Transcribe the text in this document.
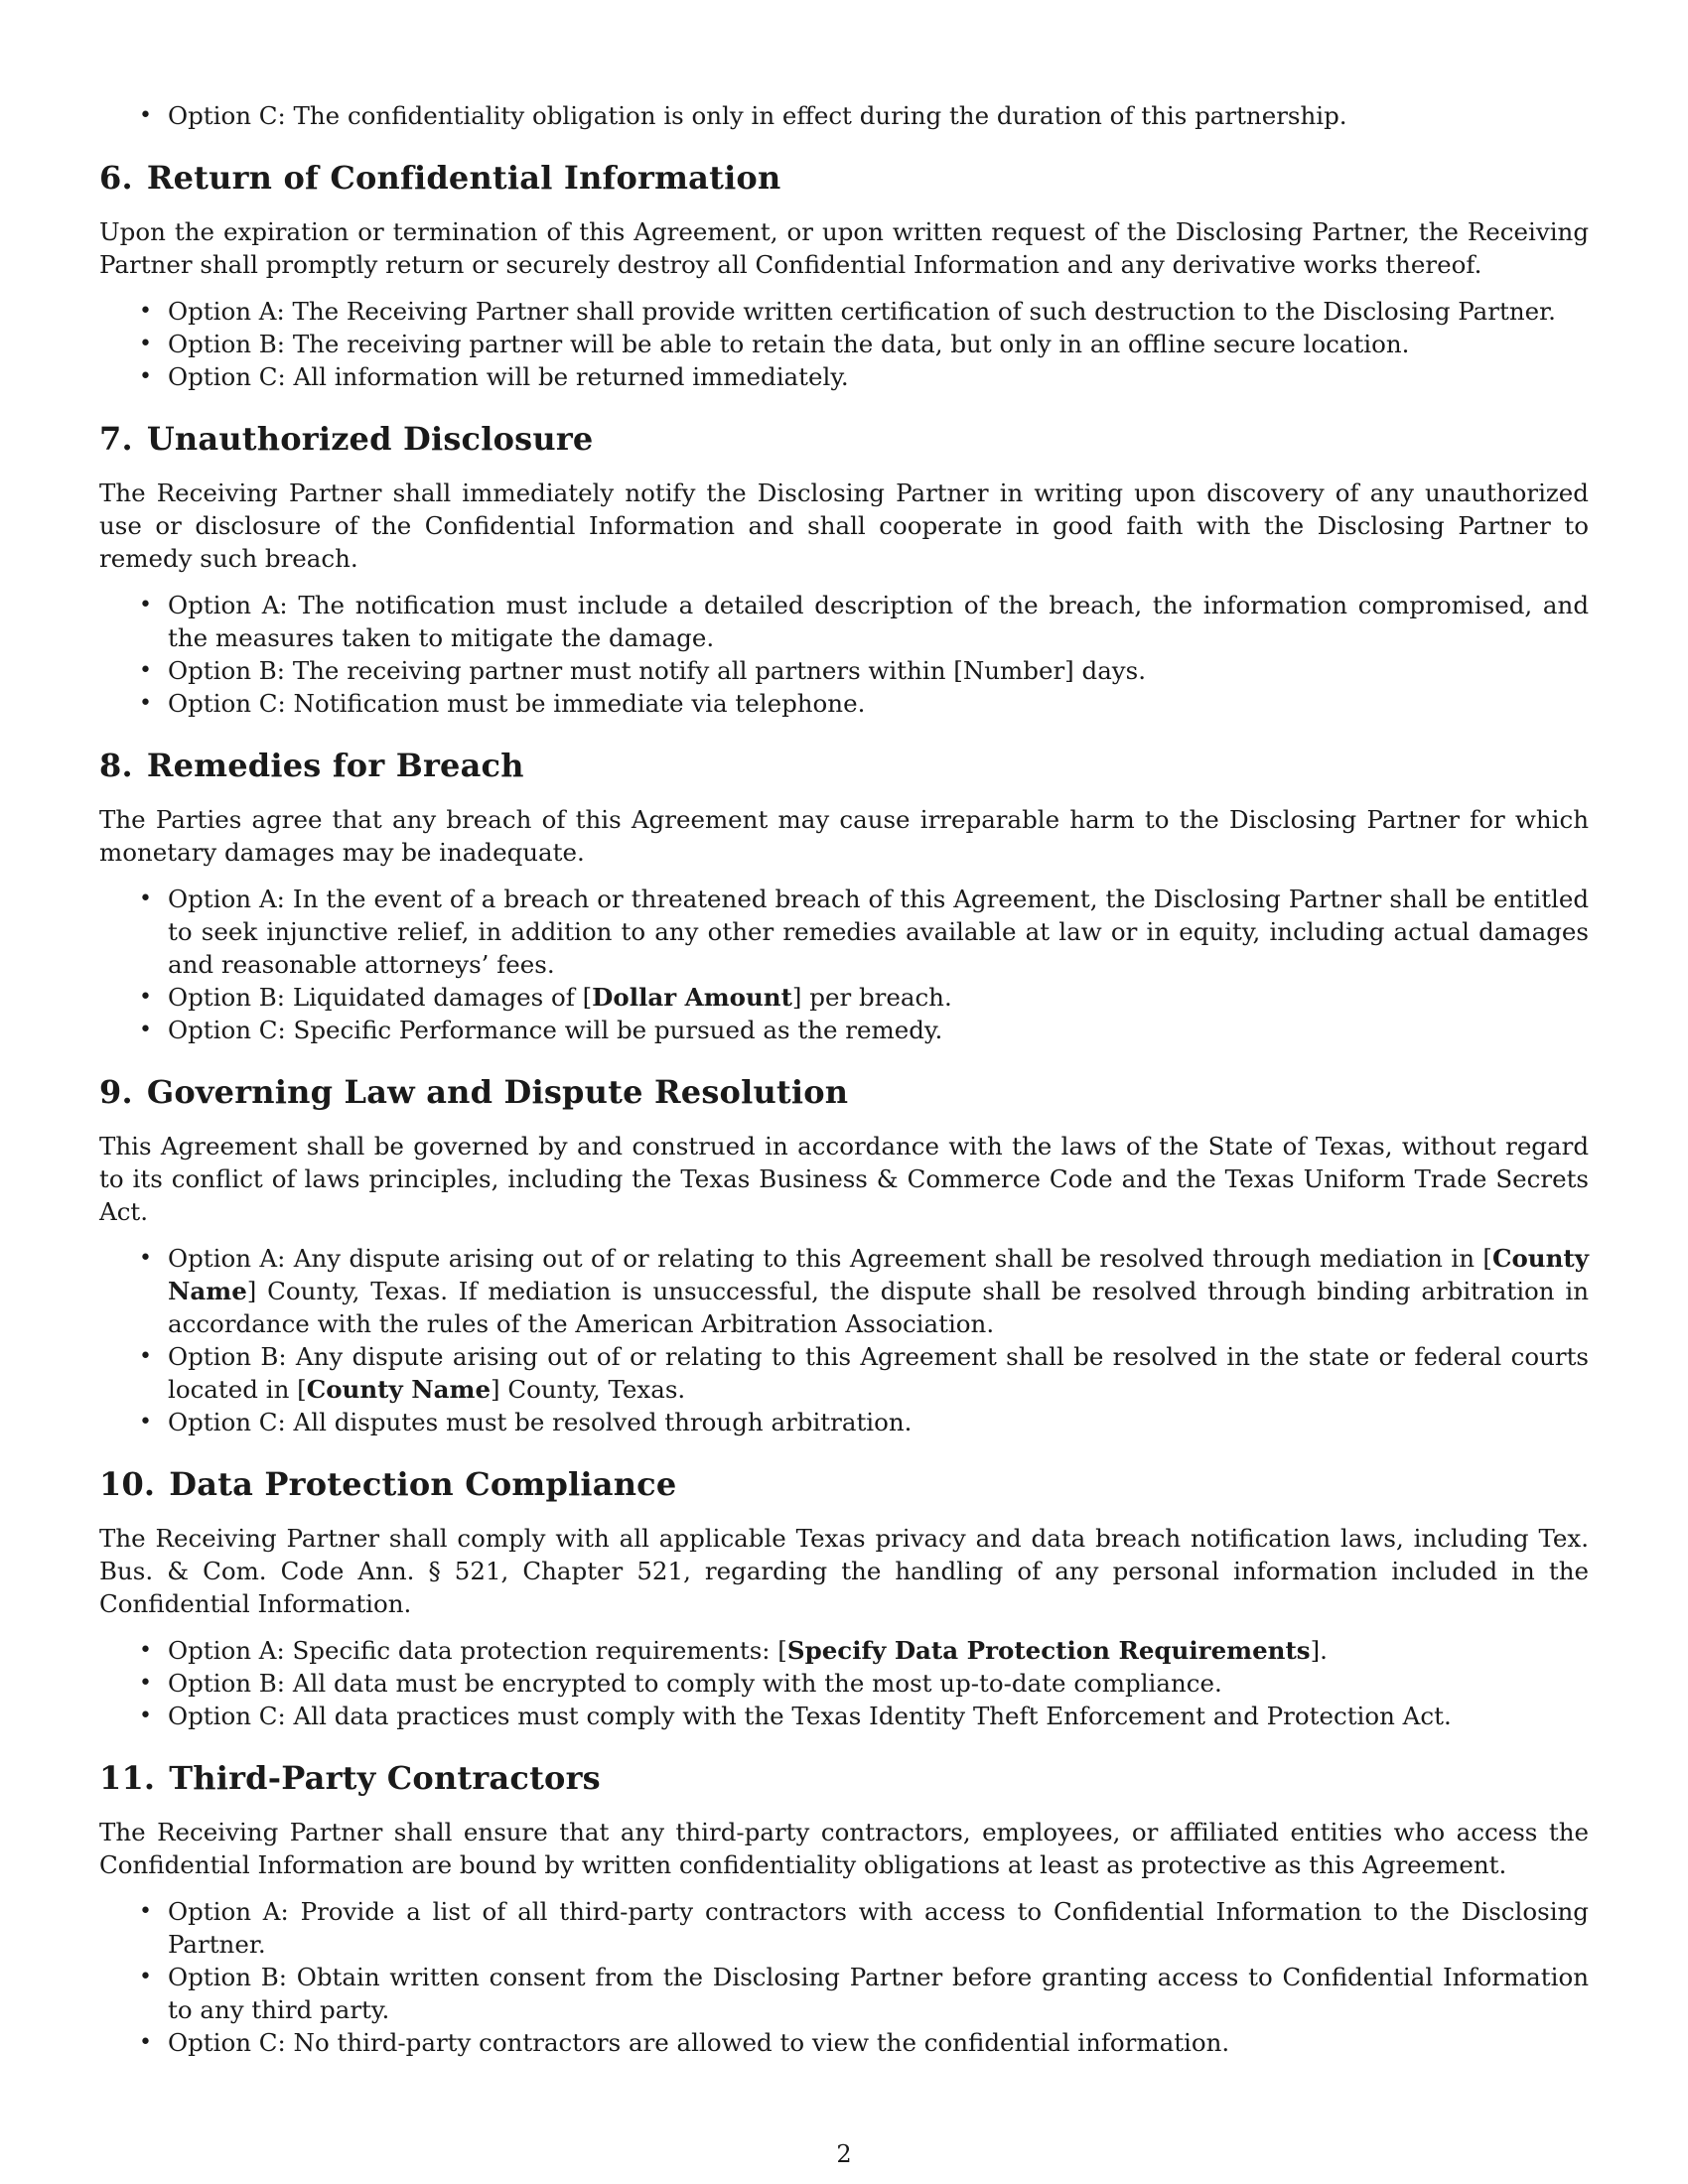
• Option C: The confidentiality obligation is only in effect during the duration of this partnership.
6. Return of Confidential Information

Upon the expiration or termination of this Agreement, or upon written request of the Disclosing Partner, the Receiving Partner shall promptly return or securely destroy all Confidential Information and any derivative works thereof.

• Option A: The Receiving Partner shall provide written certification of such destruction to the Disclosing Partner.
• Option B: The receiving partner will be able to retain the data, but only in an offline secure location.
• Option C: All information will be returned immediately.
7. Unauthorized Disclosure

The Receiving Partner shall immediately notify the Disclosing Partner in writing upon discovery of any unauthorized use or disclosure of the Confidential Information and shall cooperate in good faith with the Disclosing Partner to remedy such breach.

• Option A: The notification must include a detailed description of the breach, the information compromised, and the measures taken to mitigate the damage.
• Option B: The receiving partner must notify all partners within [Number] days.
• Option C: Notification must be immediate via telephone.
8. Remedies for Breach

The Parties agree that any breach of this Agreement may cause irreparable harm to the Disclosing Partner for which monetary damages may be inadequate.

• Option A: In the event of a breach or threatened breach of this Agreement, the Disclosing Partner shall be entitled to seek injunctive relief, in addition to any other remedies available at law or in equity, including actual damages and reasonable attorneys’ fees.
• Option B: Liquidated damages of [Dollar Amount] per breach.
• Option C: Specific Performance will be pursued as the remedy.
9. Governing Law and Dispute Resolution

This Agreement shall be governed by and construed in accordance with the laws of the State of Texas, without regard to its conflict of laws principles, including the Texas Business & Commerce Code and the Texas Uniform Trade Secrets Act.

• Option A: Any dispute arising out of or relating to this Agreement shall be resolved through mediation in [County Name] County, Texas. If mediation is unsuccessful, the dispute shall be resolved through binding arbitration in accordance with the rules of the American Arbitration Association.
• Option B: Any dispute arising out of or relating to this Agreement shall be resolved in the state or federal courts located in [County Name] County, Texas.
• Option C: All disputes must be resolved through arbitration.
10. Data Protection Compliance

The Receiving Partner shall comply with all applicable Texas privacy and data breach notification laws, including Tex. Bus. & Com. Code Ann. § 521, Chapter 521, regarding the handling of any personal information included in the Confidential Information.

• Option A: Specific data protection requirements: [Specify Data Protection Requirements].
• Option B: All data must be encrypted to comply with the most up-to-date compliance.
• Option C: All data practices must comply with the Texas Identity Theft Enforcement and Protection Act.
11. Third-Party Contractors

The Receiving Partner shall ensure that any third-party contractors, employees, or affiliated entities who access the Confidential Information are bound by written confidentiality obligations at least as protective as this Agreement.

• Option A: Provide a list of all third-party contractors with access to Confidential Information to the Disclosing Partner.
• Option B: Obtain written consent from the Disclosing Partner before granting access to Confidential Information to any third party.
• Option C: No third-party contractors are allowed to view the confidential information.
2
